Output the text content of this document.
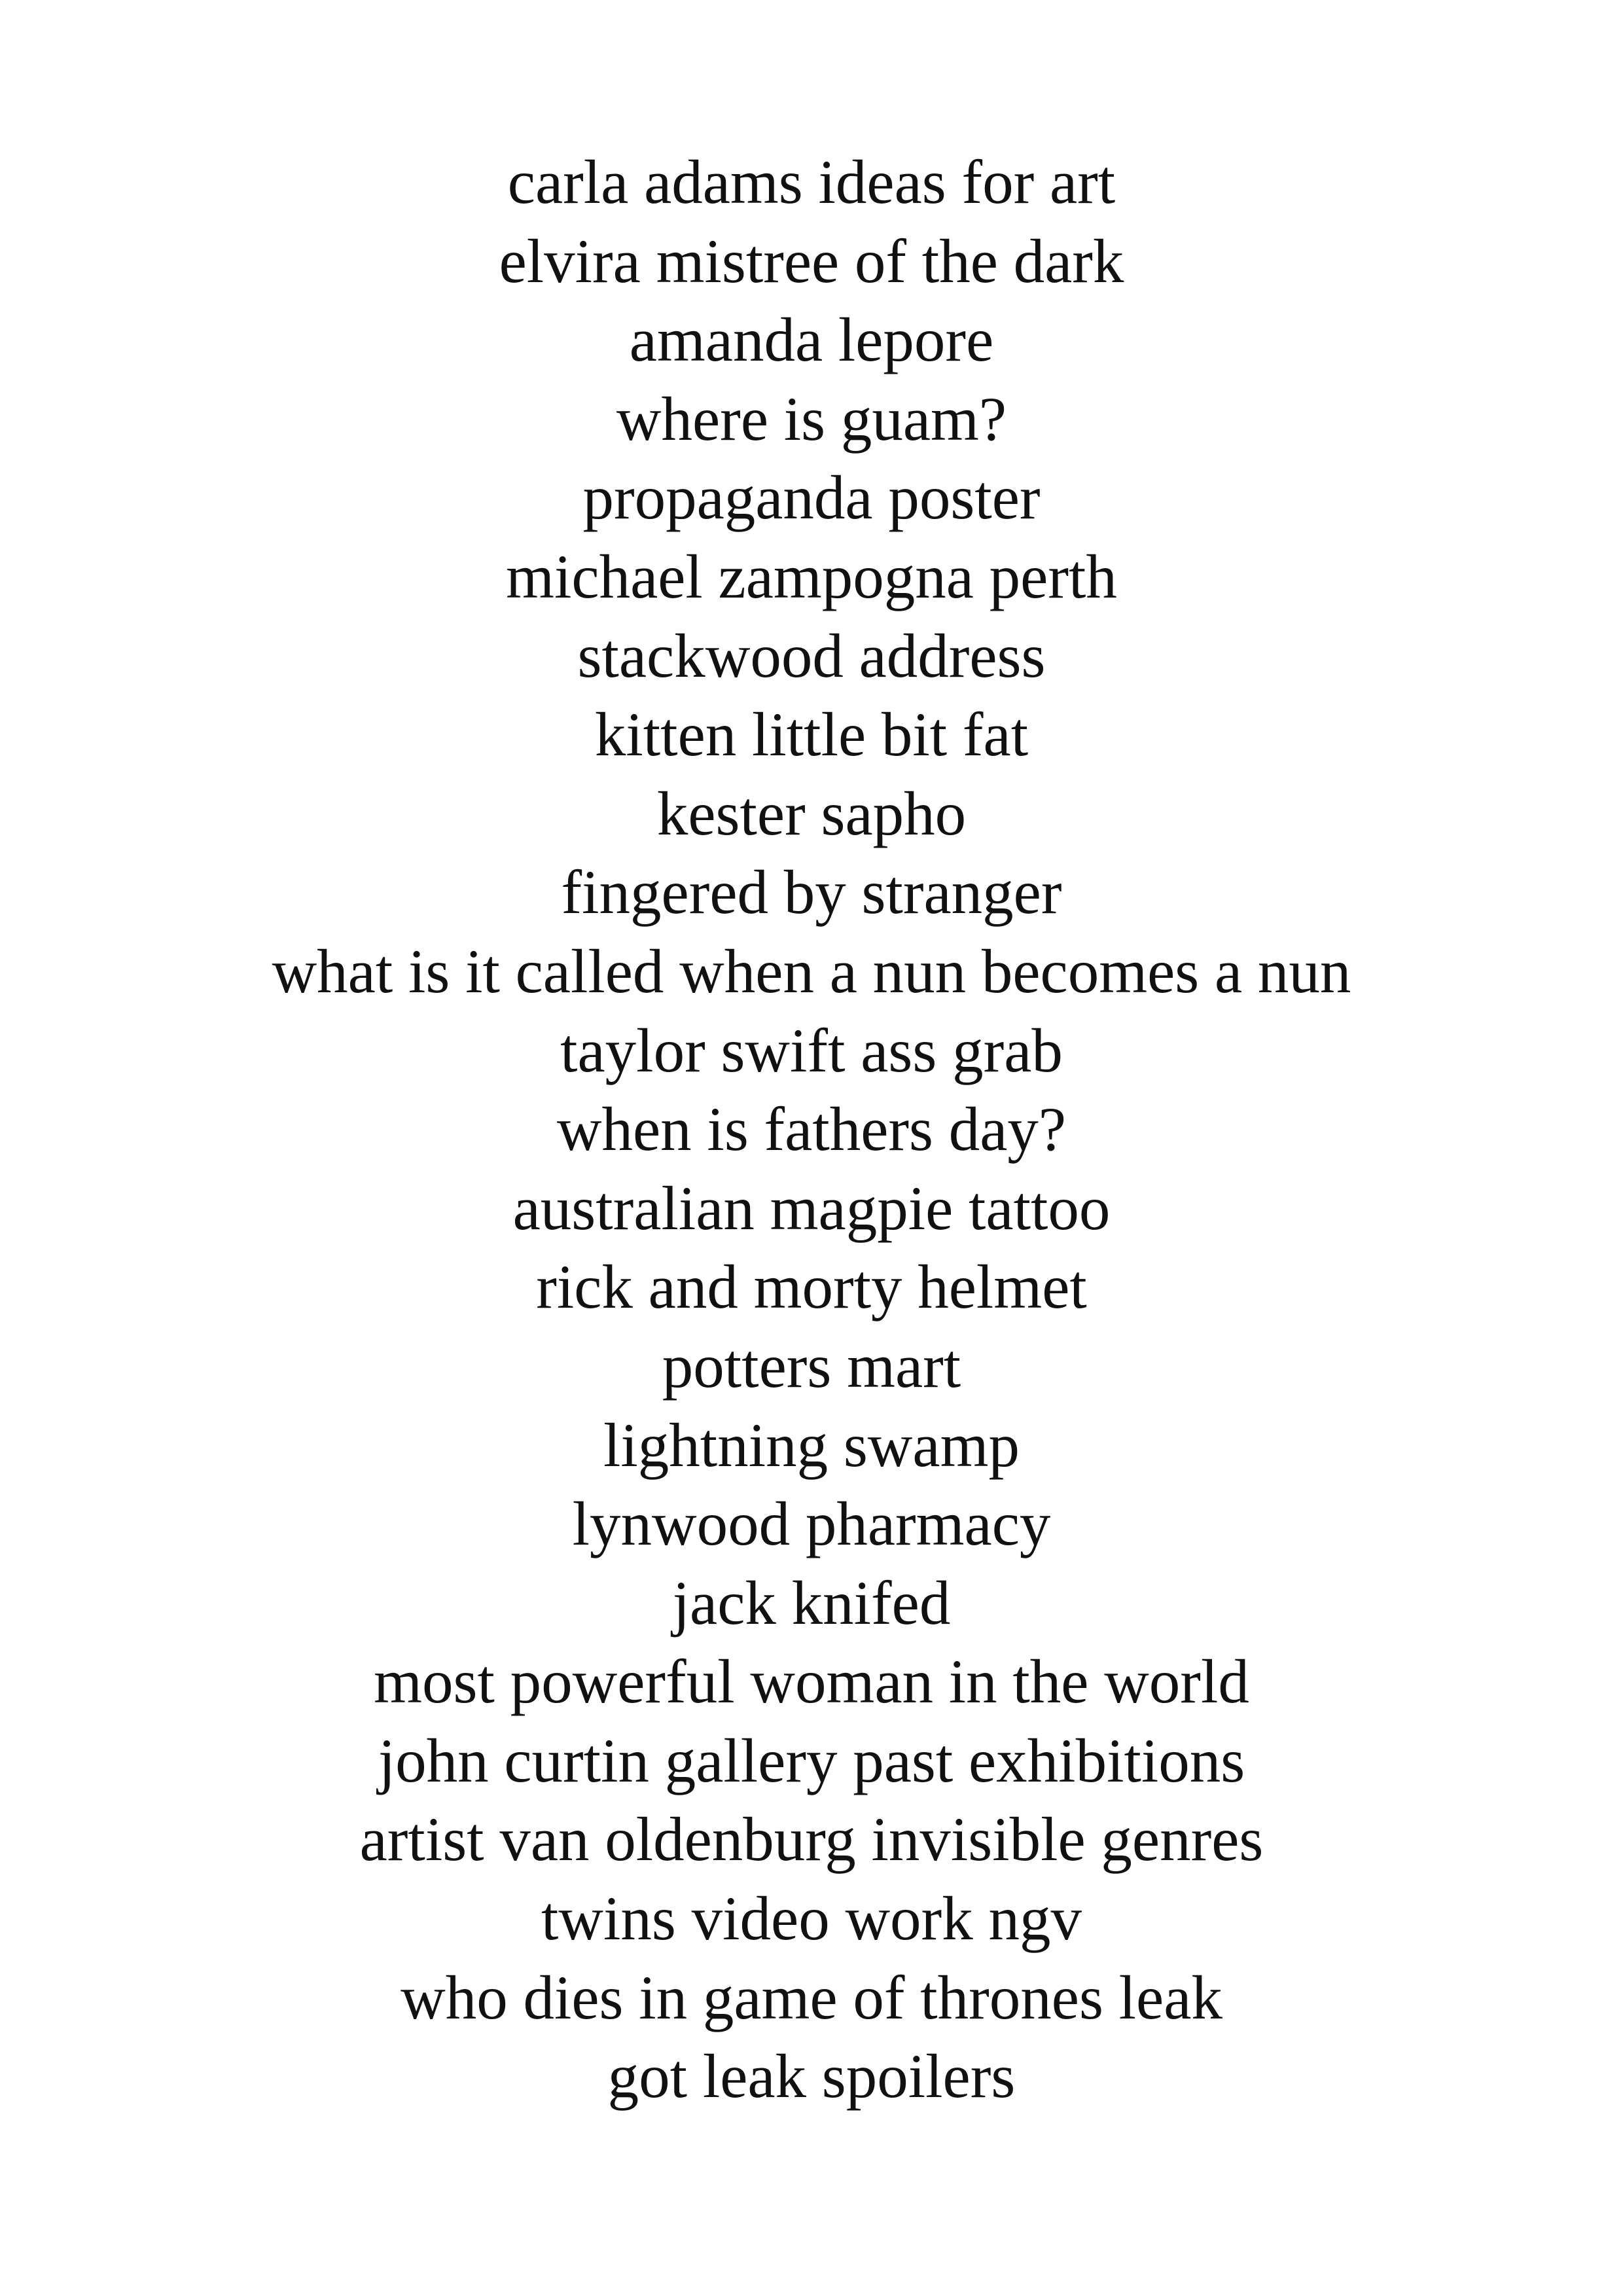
carla adams ideas for art
elvira mistree of the dark
amanda lepore
where is guam?
propaganda poster
michael zampogna perth
stackwood address
kitten little bit fat
kester sapho
fingered by stranger
what is it called when a nun becomes a nun
taylor swift ass grab
when is fathers day?
australian magpie tattoo
rick and morty helmet
potters mart
lightning swamp
lynwood pharmacy
jack knifed
most powerful woman in the world
john curtin gallery past exhibitions
artist van oldenburg invisible genres
twins video work ngv
who dies in game of thrones leak
got leak spoilers
